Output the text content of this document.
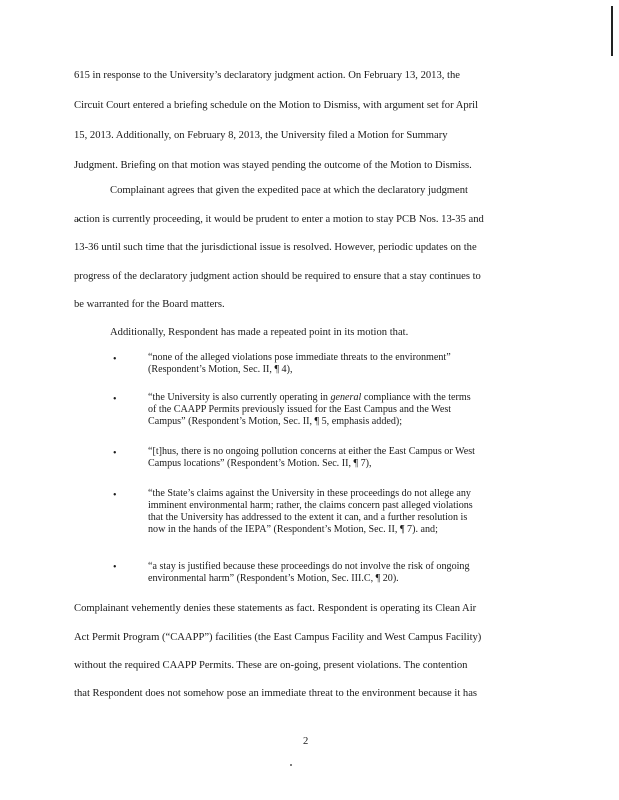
615 in response to the University’s declaratory judgment action. On February 13, 2013, the
Circuit Court entered a briefing schedule on the Motion to Dismiss, with argument set for April
15, 2013. Additionally, on February 8, 2013, the University filed a Motion for Summary
Judgment. Briefing on that motion was stayed pending the outcome of the Motion to Dismiss.
Complainant agrees that given the expedited pace at which the declaratory judgment
action is currently proceeding, it would be prudent to enter a motion to stay PCB Nos. 13-35 and
13-36 until such time that the jurisdictional issue is resolved. However, periodic updates on the
progress of the declaratory judgment action should be required to ensure that a stay continues to
be warranted for the Board matters.
Additionally, Respondent has made a repeated point in its motion that.
•	“none of the alleged violations pose immediate threats to the environment”
(Respondent’s Motion, Sec. II, ¶ 4),
•	“the University is also currently operating in general compliance with the terms
of the CAAPP Permits previously issued for the East Campus and the West
Campus” (Respondent’s Motion, Sec. II, ¶ 5, emphasis added);
•	“[t]hus, there is no ongoing pollution concerns at either the East Campus or West
Campus locations” (Respondent’s Motion. Sec. II, ¶ 7),
•	“the State’s claims against the University in these proceedings do not allege any
imminent environmental harm; rather, the claims concern past alleged violations
that the University has addressed to the extent it can, and a further resolution is
now in the hands of the IEPA” (Respondent’s Motion, Sec. II, ¶ 7). and;
•	“a stay is justified because these proceedings do not involve the risk of ongoing
environmental harm” (Respondent’s Motion, Sec. III.C, ¶ 20).
Complainant vehemently denies these statements as fact. Respondent is operating its Clean Air
Act Permit Program (“CAAPP”) facilities (the East Campus Facility and West Campus Facility)
without the required CAAPP Permits. These are on-going, present violations. The contention
that Respondent does not somehow pose an immediate threat to the environment because it has
2
